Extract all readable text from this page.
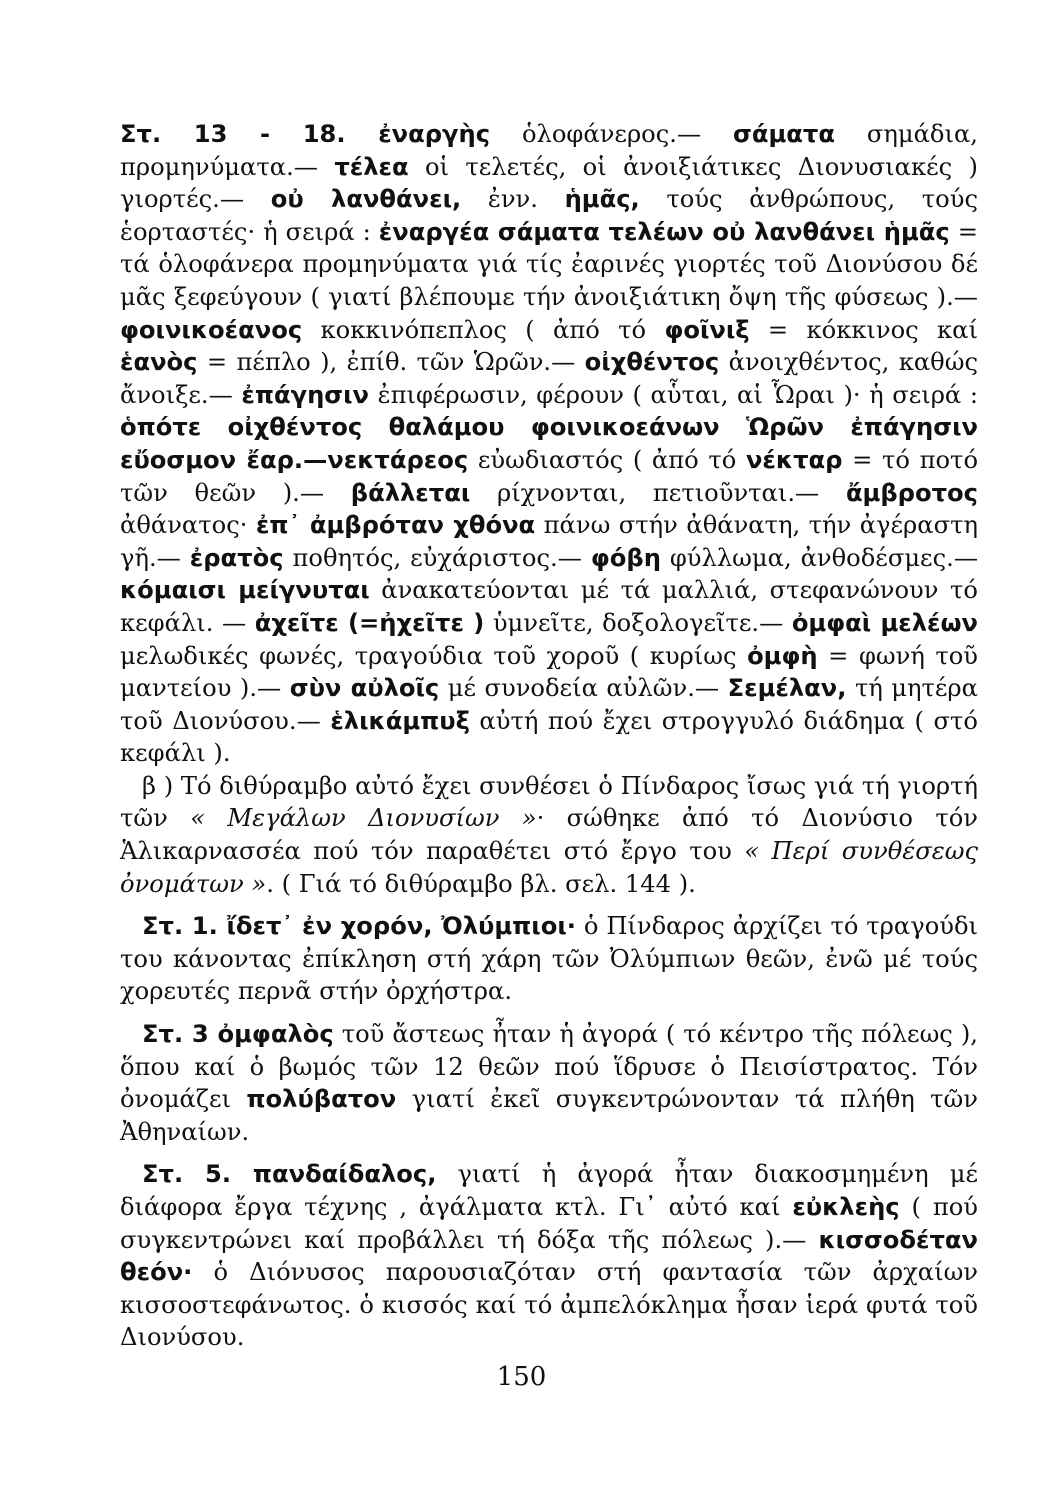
Στ. 13 - 18. ἐναργὴς ὁλοφάνερος.— σάματα σημάδια, προμηνύματα.— τέλεα οἱ τελετές, οἱ ἀνοιξιάτικες Διονυσιακές ) γιορτές.— οὐ λανθάνει, ἐνν. ἡμᾶς, τούς ἀνθρώπους, τούς ἑορταστές· ἡ σειρά : ἐναργέα σάματα τελέων οὐ λανθάνει ἡμᾶς = τά ὁλοφάνερα προμηνύματα γιά τίς ἐαρινές γιορτές τοῦ Διονύσου δέ μᾶς ξεφεύγουν ( γιατί βλέπουμε τήν ἀνοιξιάτικη ὄψη τῆς φύσεως ).— φοινικοέανος κοκκινόπεπλος ( ἀπό τό φοῖνιξ = κόκκινος καί ἑανὸς = πέπλο ), ἐπίθ. τῶν Ὡρῶν.— οἰχθέντος ἀνοιχθέντος, καθώς ἄνοιξε.— ἐπάγησιν ἐπιφέρωσιν, φέρουν ( αὗται, αἱ Ὧραι )· ἡ σειρά : ὁπότε οἰχθέντος θαλάμου φοινικοεάνων Ὡρῶν ἐπάγησιν εὔοσμον ἔαρ.—νεκτάρεος εὐωδιαστός ( ἀπό τό νέκταρ = τό ποτό τῶν θεῶν ).— βάλλεται ρίχνονται, πετιοῦνται.— ἄμβροτος ἀθάνατος· ἐπ᾽ ἀμβρόταν χθόνα πάνω στήν ἀθάνατη, τήν ἀγέραστη γῆ.— ἐρατὸς ποθητός, εὐχάριστος.— φόβη φύλλωμα, ἀνθοδέσμες.— κόμαισι μείγνυται ἀνακατεύονται μέ τά μαλλιά, στεφανώνουν τό κεφάλι. — ἀχεῖτε (=ἠχεῖτε ) ὑμνεῖτε, δοξολογεῖτε.— ὀμφαὶ μελέων μελωδικές φωνές, τραγούδια τοῦ χοροῦ ( κυρίως ὀμφὴ = φωνή τοῦ μαντείου ).— σὺν αὐλοῖς μέ συνοδεία αὐλῶν.— Σεμέλαν, τή μητέρα τοῦ Διονύσου.— ἑλικάμπυξ αὐτή πού ἔχει στρογγυλό διάδημα ( στό κεφάλι ).

β ) Τό διθύραμβο αὐτό ἔχει συνθέσει ὁ Πίνδαρος ἴσως γιά τή γιορτή τῶν « Μεγάλων Διονυσίων »· σώθηκε ἀπό τό Διονύσιο τόν Ἁλικαρνασσέα πού τόν παραθέτει στό ἔργο του « Περί συνθέσεως ὀνομάτων ». ( Γιά τό διθύραμβο βλ. σελ. 144 ).

Στ. 1. ἴδετ᾽ ἐν χορόν, Ὀλύμπιοι· ὁ Πίνδαρος ἀρχίζει τό τραγούδι του κάνοντας ἐπίκληση στή χάρη τῶν Ὀλύμπιων θεῶν, ἐνῶ μέ τούς χορευτές περνᾶ στήν ὀρχήστρα.

Στ. 3 ὀμφαλὸς τοῦ ἄστεως ἦταν ἡ ἀγορά ( τό κέντρο τῆς πόλεως ), ὅπου καί ὁ βωμός τῶν 12 θεῶν πού ἵδρυσε ὁ Πεισίστρατος. Τόν ὀνομάζει πολύβατον γιατί ἐκεῖ συγκεντρώνονταν τά πλήθη τῶν Ἀθηναίων.

Στ. 5. πανδαίδαλος, γιατί ἡ ἀγορά ἦταν διακοσμημένη μέ διάφορα ἔργα τέχνης , ἀγάλματα κτλ. Γι᾽ αὐτό καί εὐκλεὴς ( πού συγκεντρώνει καί προβάλλει τή δόξα τῆς πόλεως ).— κισσοδέταν θεόν· ὁ Διόνυσος παρουσιαζόταν στή φαντασία τῶν ἀρχαίων κισσοστεφάνωτος. ὁ κισσός καί τό ἀμπελόκλημα ἦσαν ἱερά φυτά τοῦ Διονύσου.

150
